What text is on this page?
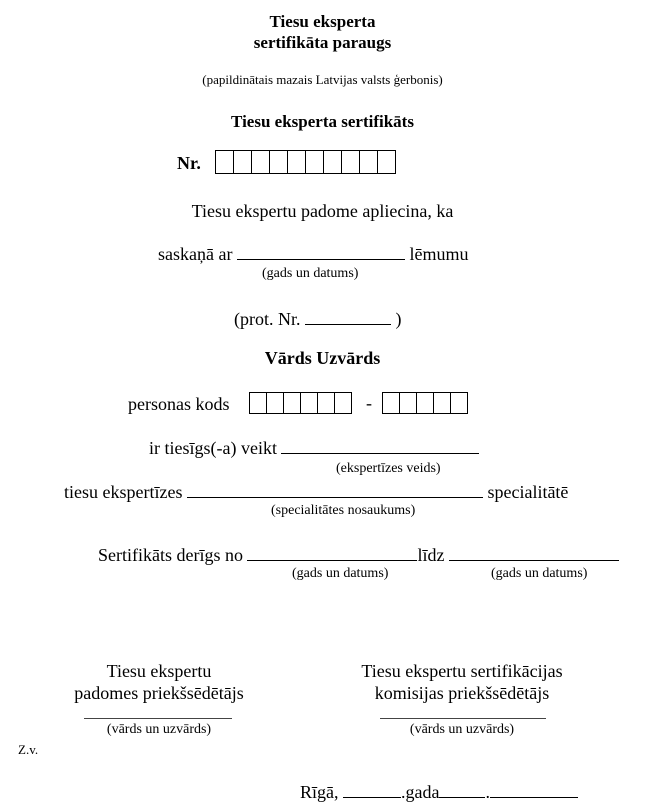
Tiesu eksperta
sertifikāta paraugs
(papildinātais mazais Latvijas valsts ģerbonis)
Tiesu eksperta sertifikāts
Nr.
Tiesu ekspertu padome apliecina, ka
saskaņā ar	lēmumu
(gads un datums)
(prot. Nr.	)
Vārds Uzvārds
personas kods	-
ir tiesīgs(-a) veikt
(ekspertīzes veids)
tiesu ekspertīzes	specialitātē
(specialitātes nosaukums)
Sertifikāts derīgs no	līdz
(gads un datums)	(gads un datums)
Tiesu ekspertu
padomes priekšsēdētājs
(vārds un uzvārds)
Tiesu ekspertu sertifikācijas
komisijas priekšsēdētājs
(vārds un uzvārds)
Z.v.
Rīgā,	.gada	.
